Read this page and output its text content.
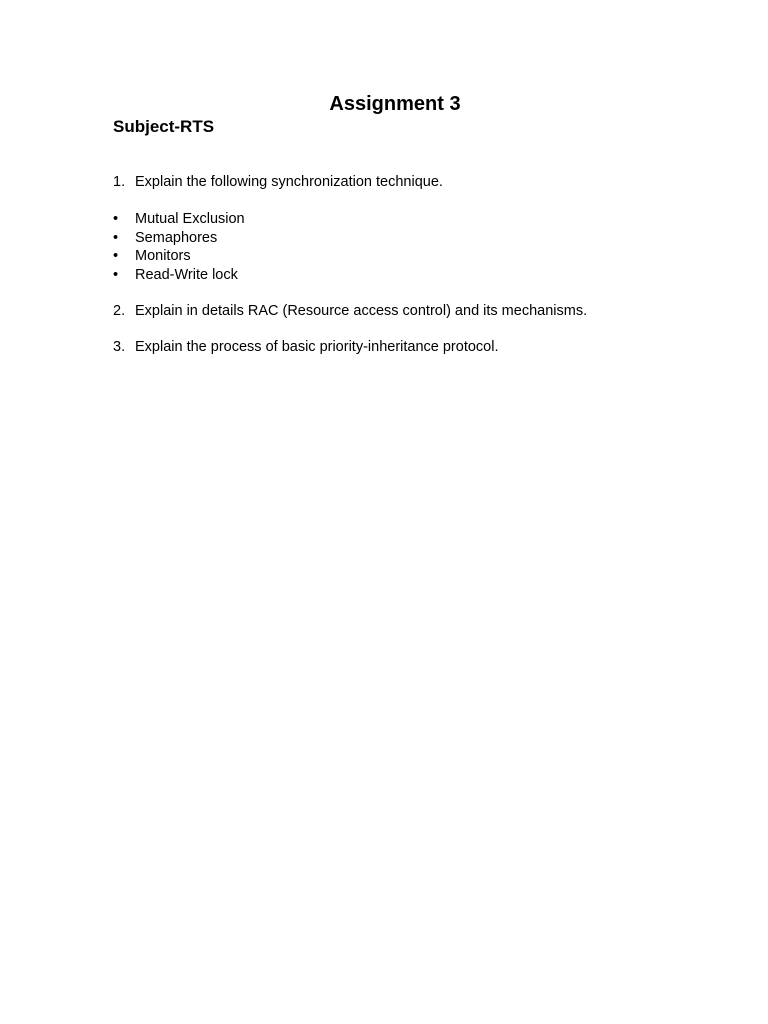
Assignment 3
Subject-RTS

1. Explain the following synchronization technique.

• Mutual Exclusion
• Semaphores
• Monitors
• Read-Write lock

2. Explain in details RAC (Resource access control) and its mechanisms.

3. Explain the process of basic priority-inheritance protocol.
